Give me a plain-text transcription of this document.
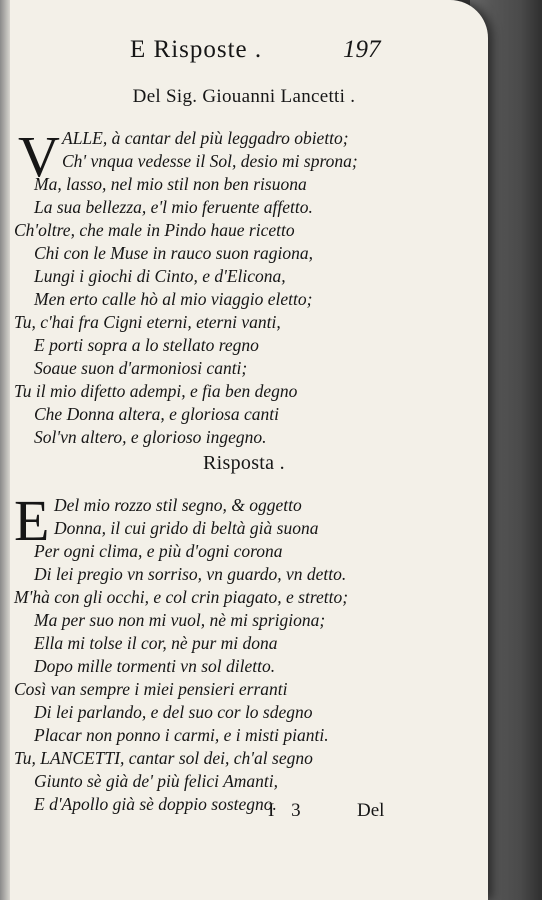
E Risposte .	197
Del Sig. Giouanni Lancetti .
V ALLE, à cantar del più leggadro obietto;
Ch' vnqua vedesse il Sol, desio mi sprona;
Ma, lasso, nel mio stil non ben risuona
La sua bellezza, e'l mio feruente affetto.
Ch'oltre, che male in Pindo haue ricetto
Chi con le Muse in rauco suon ragiona,
Lungi i giochi di Cinto, e d'Elicona,
Men erto calle hò al mio viaggio eletto;
Tu, c'hai fra Cigni eterni, eterni vanti,
E porti sopra a lo stellato regno
Soaue suon d'armoniosi canti;
Tu il mio difetto adempi, e fia ben degno
Che Donna altera, e gloriosa canti
Sol'vn altero, e glorioso ingegno.
Risposta .
E Del mio rozzo stil segno, & oggetto
Donna, il cui grido di beltà già suona
Per ogni clima, e più d'ogni corona
Di lei pregio vn sorriso, vn guardo, vn detto.
M'hà con gli occhi, e col crin piagato, e stretto;
Ma per suo non mi vuol, nè mi sprigiona;
Ella mi tolse il cor, nè pur mi dona
Dopo mille tormenti vn sol diletto.
Così van sempre i miei pensieri erranti
Di lei parlando, e del suo cor lo sdegno
Placar non ponno i carmi, e i misti pianti.
Tu, LANCETTI, cantar sol dei, ch'al segno
Giunto sè già de' più felici Amanti,
E d'Apollo già sè doppio sostegno.
I 3	Del
